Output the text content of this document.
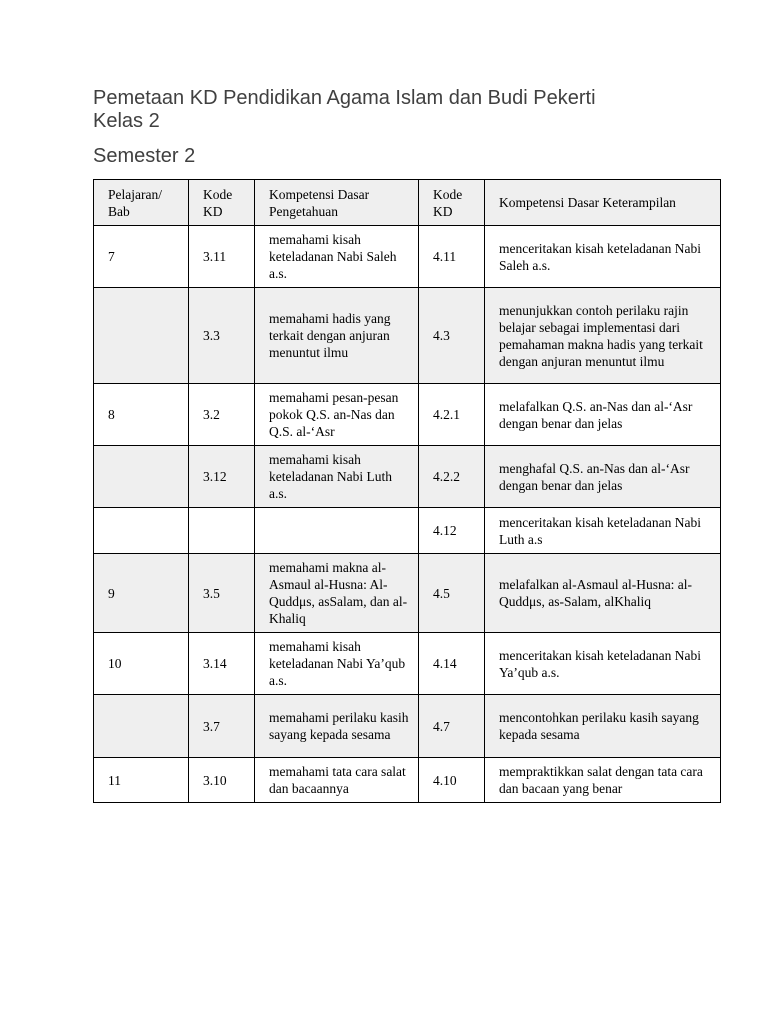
Pemetaan KD Pendidikan Agama Islam dan Budi Pekerti
Kelas 2
Semester 2
Pelajaran/ Bab	Kode KD	Kompetensi Dasar Pengetahuan	Kode KD	Kompetensi Dasar Keterampilan
7	3.11	memahami kisah keteladanan Nabi Saleh a.s.	4.11	menceritakan kisah keteladanan Nabi Saleh a.s.
	3.3	memahami hadis yang terkait dengan anjuran menuntut ilmu	4.3	menunjukkan contoh perilaku rajin belajar sebagai implementasi dari pemahaman makna hadis yang terkait dengan anjuran menuntut ilmu
8	3.2	memahami pesan-pesan pokok Q.S. an-Nas dan Q.S. al-‘Asr	4.2.1	melafalkan Q.S. an-Nas dan al-‘Asr dengan benar dan jelas
	3.12	memahami kisah keteladanan Nabi Luth a.s.	4.2.2	menghafal Q.S. an-Nas dan al-‘Asr dengan benar dan jelas
			4.12	menceritakan kisah keteladanan Nabi Luth a.s
9	3.5	memahami makna al-Asmaul al-Husna: Al-Quddμs, asSalam, dan al-Khaliq	4.5	melafalkan al-Asmaul al-Husna: al-Quddμs, as-Salam, alKhaliq
10	3.14	memahami kisah keteladanan Nabi Ya’qub a.s.	4.14	menceritakan kisah keteladanan Nabi Ya’qub a.s.
	3.7	memahami perilaku kasih sayang kepada sesama	4.7	mencontohkan perilaku kasih sayang kepada sesama
11	3.10	memahami tata cara salat dan bacaannya	4.10	mempraktikkan salat dengan tata cara dan bacaan yang benar
